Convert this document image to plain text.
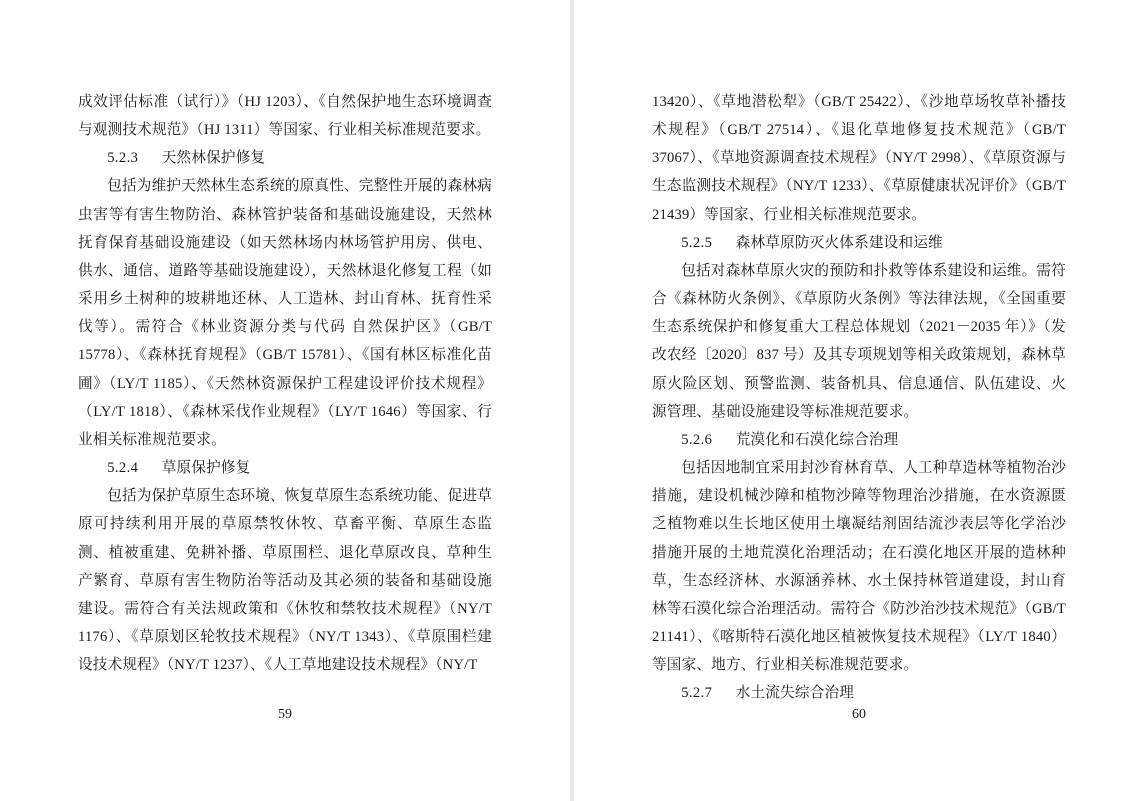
成效评估标准（试行）》（HJ 1203）、《自然保护地生态环境调查与观测技术规范》（HJ 1311）等国家、行业相关标准规范要求。

5.2.3 天然林保护修复

包括为维护天然林生态系统的原真性、完整性开展的森林病虫害等有害生物防治、森林管护装备和基础设施建设，天然林抚育保育基础设施建设（如天然林场内林场管护用房、供电、供水、通信、道路等基础设施建设），天然林退化修复工程（如采用乡土树种的坡耕地还林、人工造林、封山育林、抚育性采伐等）。需符合《林业资源分类与代码 自然保护区》（GB/T 15778）、《森林抚育规程》（GB/T 15781）、《国有林区标准化苗圃》（LY/T 1185）、《天然林资源保护工程建设评价技术规程》（LY/T 1818）、《森林采伐作业规程》（LY/T 1646）等国家、行业相关标准规范要求。

5.2.4 草原保护修复

包括为保护草原生态环境、恢复草原生态系统功能、促进草原可持续利用开展的草原禁牧休牧、草畜平衡、草原生态监测、植被重建、免耕补播、草原围栏、退化草原改良、草种生产繁育、草原有害生物防治等活动及其必须的装备和基础设施建设。需符合有关法规政策和《休牧和禁牧技术规程》（NY/T 1176）、《草原划区轮牧技术规程》（NY/T 1343）、《草原围栏建设技术规程》（NY/T 1237）、《人工草地建设技术规程》（NY/T

59

13420）、《草地潜松犁》（GB/T 25422）、《沙地草场牧草补播技术规程》（GB/T 27514）、《退化草地修复技术规范》（GB/T 37067）、《草地资源调查技术规程》（NY/T 2998）、《草原资源与生态监测技术规程》（NY/T 1233）、《草原健康状况评价》（GB/T 21439）等国家、行业相关标准规范要求。

5.2.5 森林草原防灭火体系建设和运维

包括对森林草原火灾的预防和扑救等体系建设和运维。需符合《森林防火条例》、《草原防火条例》等法律法规，《全国重要生态系统保护和修复重大工程总体规划（2021－2035 年）》（发改农经〔2020〕837 号）及其专项规划等相关政策规划，森林草原火险区划、预警监测、装备机具、信息通信、队伍建设、火源管理、基础设施建设等标准规范要求。

5.2.6 荒漠化和石漠化综合治理

包括因地制宜采用封沙育林育草、人工种草造林等植物治沙措施，建设机械沙障和植物沙障等物理治沙措施，在水资源匮乏植物难以生长地区使用土壤凝结剂固结流沙表层等化学治沙措施开展的土地荒漠化治理活动；在石漠化地区开展的造林种草，生态经济林、水源涵养林、水土保持林管道建设，封山育林等石漠化综合治理活动。需符合《防沙治沙技术规范》（GB/T 21141）、《喀斯特石漠化地区植被恢复技术规程》（LY/T 1840）等国家、地方、行业相关标准规范要求。

5.2.7 水土流失综合治理

60
